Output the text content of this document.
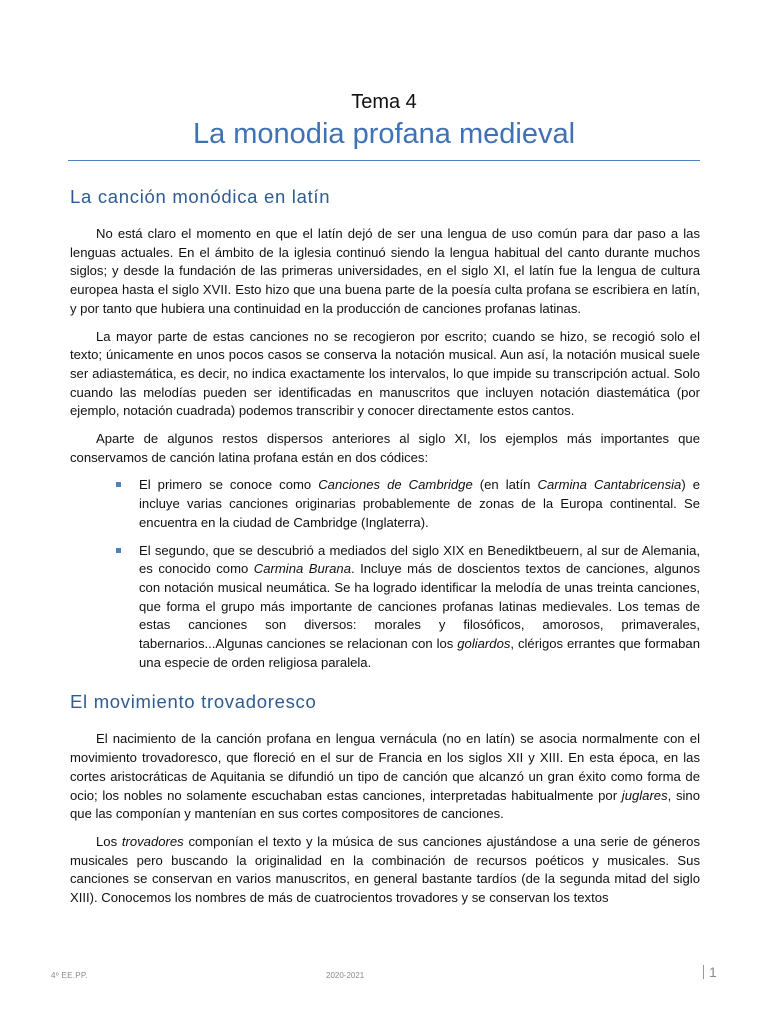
Tema 4
La monodia profana medieval
La canción monódica en latín

No está claro el momento en que el latín dejó de ser una lengua de uso común para dar paso a las lenguas actuales. En el ámbito de la iglesia continuó siendo la lengua habitual del canto durante muchos siglos; y desde la fundación de las primeras universidades, en el siglo XI, el latín fue la lengua de cultura europea hasta el siglo XVII. Esto hizo que una buena parte de la poesía culta profana se escribiera en latín, y por tanto que hubiera una continuidad en la producción de canciones profanas latinas.

La mayor parte de estas canciones no se recogieron por escrito; cuando se hizo, se recogió solo el texto; únicamente en unos pocos casos se conserva la notación musical. Aun así, la notación musical suele ser adiastemática, es decir, no indica exactamente los intervalos, lo que impide su transcripción actual. Solo cuando las melodías pueden ser identificadas en manuscritos que incluyen notación diastemática (por ejemplo, notación cuadrada) podemos transcribir y conocer directamente estos cantos.

Aparte de algunos restos dispersos anteriores al siglo XI, los ejemplos más importantes que conservamos de canción latina profana están en dos códices:

El primero se conoce como Canciones de Cambridge (en latín Carmina Cantabricensia) e incluye varias canciones originarias probablemente de zonas de la Europa continental. Se encuentra en la ciudad de Cambridge (Inglaterra).
El segundo, que se descubrió a mediados del siglo XIX en Benediktbeuern, al sur de Alemania, es conocido como Carmina Burana. Incluye más de doscientos textos de canciones, algunos con notación musical neumática. Se ha logrado identificar la melodía de unas treinta canciones, que forma el grupo más importante de canciones profanas latinas medievales. Los temas de estas canciones son diversos: morales y filosóficos, amorosos, primaverales, tabernarios...Algunas canciones se relacionan con los goliardos, clérigos errantes que formaban una especie de orden religiosa paralela.
El movimiento trovadoresco

El nacimiento de la canción profana en lengua vernácula (no en latín) se asocia normalmente con el movimiento trovadoresco, que floreció en el sur de Francia en los siglos XII y XIII. En esta época, en las cortes aristocráticas de Aquitania se difundió un tipo de canción que alcanzó un gran éxito como forma de ocio; los nobles no solamente escuchaban estas canciones, interpretadas habitualmente por juglares, sino que las componían y mantenían en sus cortes compositores de canciones.

Los trovadores componían el texto y la música de sus canciones ajustándose a una serie de géneros musicales pero buscando la originalidad en la combinación de recursos poéticos y musicales. Sus canciones se conservan en varios manuscritos, en general bastante tardíos (de la segunda mitad del siglo XIII). Conocemos los nombres de más de cuatrocientos trovadores y se conservan los textos

4º EE.PP.	2020-2021	1
